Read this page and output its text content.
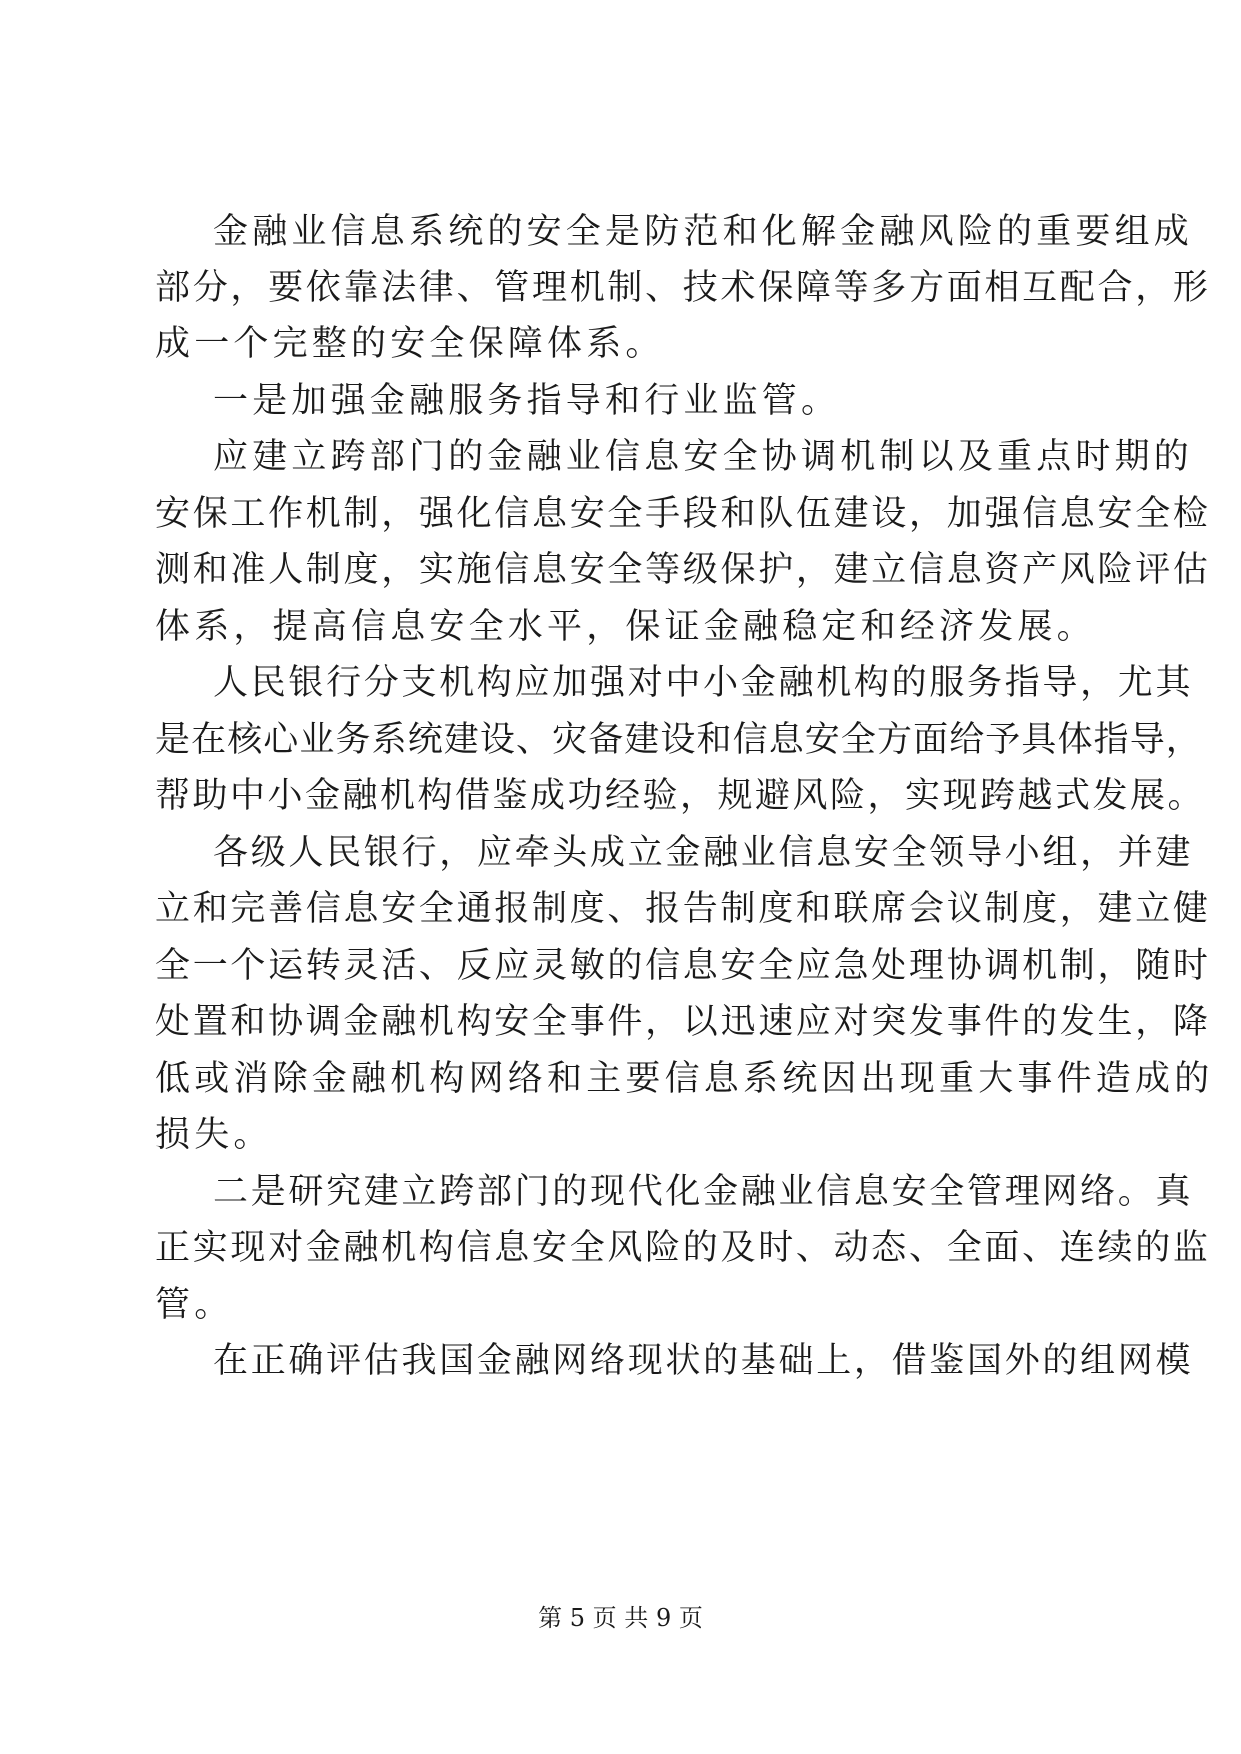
金融业信息系统的安全是防范和化解金融风险的重要组成

部分，要依靠法律、管理机制、技术保障等多方面相互配合，形

成一个完整的安全保障体系。

一是加强金融服务指导和行业监管。

应建立跨部门的金融业信息安全协调机制以及重点时期的

安保工作机制，强化信息安全手段和队伍建设，加强信息安全检

测和准人制度，实施信息安全等级保护，建立信息资产风险评估

体系，提高信息安全水平，保证金融稳定和经济发展。

人民银行分支机构应加强对中小金融机构的服务指导，尤其

是在核心业务系统建设、灾备建设和信息安全方面给予具体指导，

帮助中小金融机构借鉴成功经验，规避风险，实现跨越式发展。

各级人民银行，应牵头成立金融业信息安全领导小组，并建

立和完善信息安全通报制度、报告制度和联席会议制度，建立健

全一个运转灵活、反应灵敏的信息安全应急处理协调机制，随时

处置和协调金融机构安全事件，以迅速应对突发事件的发生，降

低或消除金融机构网络和主要信息系统因出现重大事件造成的

损失。

二是研究建立跨部门的现代化金融业信息安全管理网络。真

正实现对金融机构信息安全风险的及时、动态、全面、连续的监

管。

在正确评估我国金融网络现状的基础上，借鉴国外的组网模

第 5 页 共 9 页
